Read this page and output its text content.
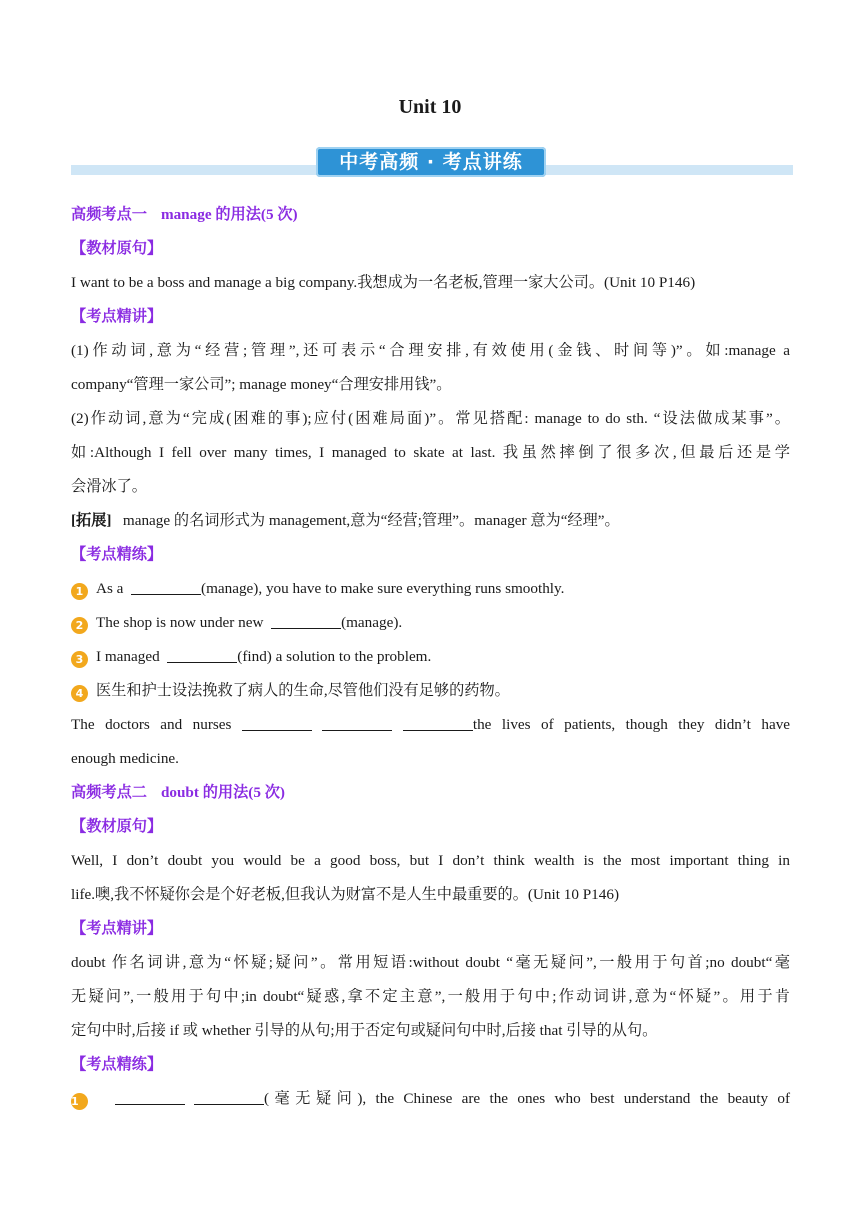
Unit 10
中考高频 · 考点讲练

高频考点一 manage 的用法(5 次)

【教材原句】

I want to be a boss and manage a big company.我想成为一名老板,管理一家大公司。(Unit 10 P146)

【考点精讲】

(1)作动词,意为“经营;管理”,还可表示“合理安排,有效使用(金钱、时间等)”。如:manage a

company“管理一家公司”; manage money“合理安排用钱”。

(2)作动词,意为“完成(困难的事);应付(困难局面)”。常见搭配: manage to do sth. “设法做成某事”。

如:Although I fell over many times, I managed to skate at last. 我虽然摔倒了很多次,但最后还是学

会滑冰了。

[拓展] manage 的名词形式为 management,意为“经营;管理”。manager 意为“经理”。

【考点精练】

1 As a	(manage), you have to make sure everything runs smoothly.

2 The shop is now under new	(manage).

3 I managed	(find) a solution to the problem.

4 医生和护士设法挽救了病人的生命,尽管他们没有足够的药物。

The doctors and nurses	the lives of patients, though they didn’t have

enough medicine.

高频考点二 doubt 的用法(5 次)

【教材原句】

Well, I don’t doubt you would be a good boss, but I don’t think wealth is the most important thing in

life.噢,我不怀疑你会是个好老板,但我认为财富不是人生中最重要的。(Unit 10 P146)

【考点精讲】

doubt 作名词讲,意为“怀疑;疑问”。常用短语:without doubt “毫无疑问”,一般用于句首;no doubt“毫

无疑问”,一般用于句中;in doubt“疑惑,拿不定主意”,一般用于句中;作动词讲,意为“怀疑”。用于肯

定句中时,后接 if 或 whether 引导的从句;用于否定句或疑问句中时,后接 that 引导的从句。

【考点精练】

1	(毫无疑问), the Chinese are the ones who best understand the beauty of
